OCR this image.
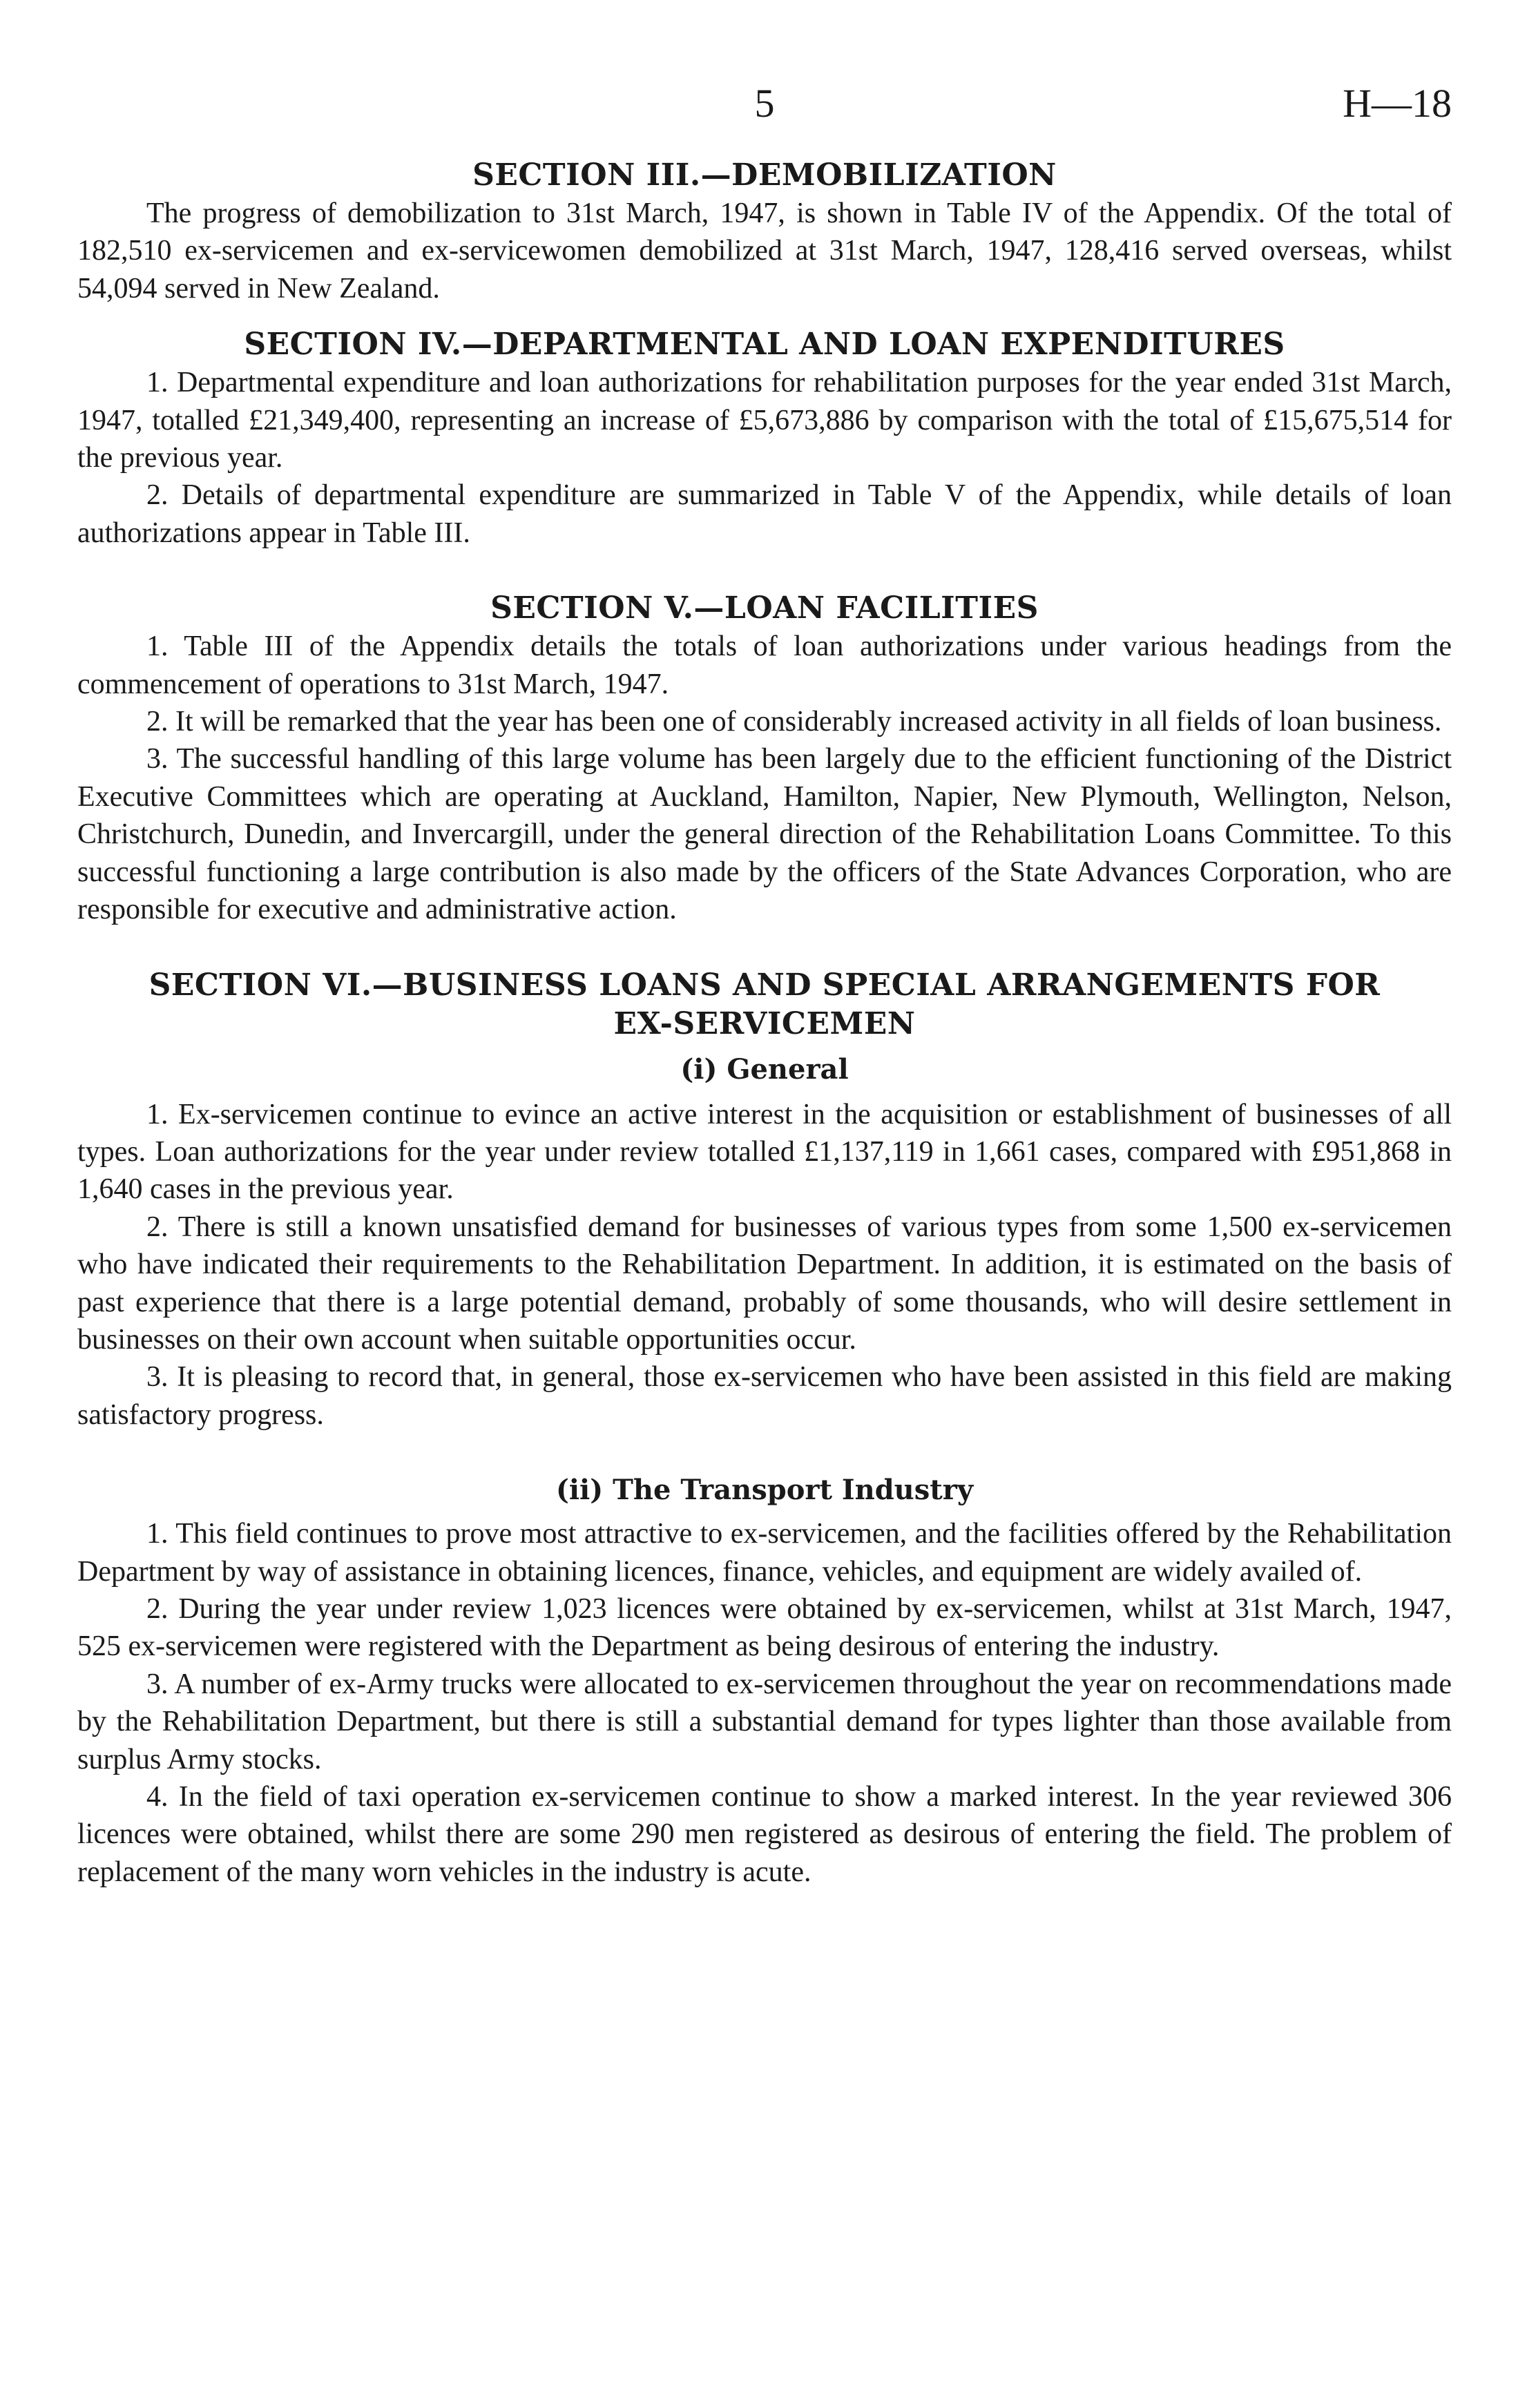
5	H—18
SECTION III.—DEMOBILIZATION

The progress of demobilization to 31st March, 1947, is shown in Table IV of the Appendix. Of the total of 182,510 ex-servicemen and ex-servicewomen demobilized at 31st March, 1947, 128,416 served overseas, whilst 54,094 served in New Zealand.

SECTION IV.—DEPARTMENTAL AND LOAN EXPENDITURES

1. Departmental expenditure and loan authorizations for rehabilitation purposes for the year ended 31st March, 1947, totalled £21,349,400, representing an increase of £5,673,886 by comparison with the total of £15,675,514 for the previous year.

2. Details of departmental expenditure are summarized in Table V of the Appendix, while details of loan authorizations appear in Table III.

SECTION V.—LOAN FACILITIES

1. Table III of the Appendix details the totals of loan authorizations under various headings from the commencement of operations to 31st March, 1947.

2. It will be remarked that the year has been one of considerably increased activity in all fields of loan business.

3. The successful handling of this large volume has been largely due to the efficient functioning of the District Executive Committees which are operating at Auckland, Hamilton, Napier, New Plymouth, Wellington, Nelson, Christchurch, Dunedin, and Invercargill, under the general direction of the Rehabilitation Loans Committee. To this successful functioning a large contribution is also made by the officers of the State Advances Corporation, who are responsible for executive and administrative action.

SECTION VI.—BUSINESS LOANS AND SPECIAL ARRANGEMENTS FOR
EX-SERVICEMEN
(i) General

1. Ex-servicemen continue to evince an active interest in the acquisition or establishment of businesses of all types. Loan authorizations for the year under review totalled £1,137,119 in 1,661 cases, compared with £951,868 in 1,640 cases in the previous year.

2. There is still a known unsatisfied demand for businesses of various types from some 1,500 ex-servicemen who have indicated their requirements to the Rehabilitation Department. In addition, it is estimated on the basis of past experience that there is a large potential demand, probably of some thousands, who will desire settlement in businesses on their own account when suitable opportunities occur.

3. It is pleasing to record that, in general, those ex-servicemen who have been assisted in this field are making satisfactory progress.

(ii) The Transport Industry

1. This field continues to prove most attractive to ex-servicemen, and the facilities offered by the Rehabilitation Department by way of assistance in obtaining licences, finance, vehicles, and equipment are widely availed of.

2. During the year under review 1,023 licences were obtained by ex-servicemen, whilst at 31st March, 1947, 525 ex-servicemen were registered with the Department as being desirous of entering the industry.

3. A number of ex-Army trucks were allocated to ex-servicemen throughout the year on recommendations made by the Rehabilitation Department, but there is still a substantial demand for types lighter than those available from surplus Army stocks.

4. In the field of taxi operation ex-servicemen continue to show a marked interest. In the year reviewed 306 licences were obtained, whilst there are some 290 men registered as desirous of entering the field. The problem of replacement of the many worn vehicles in the industry is acute.
